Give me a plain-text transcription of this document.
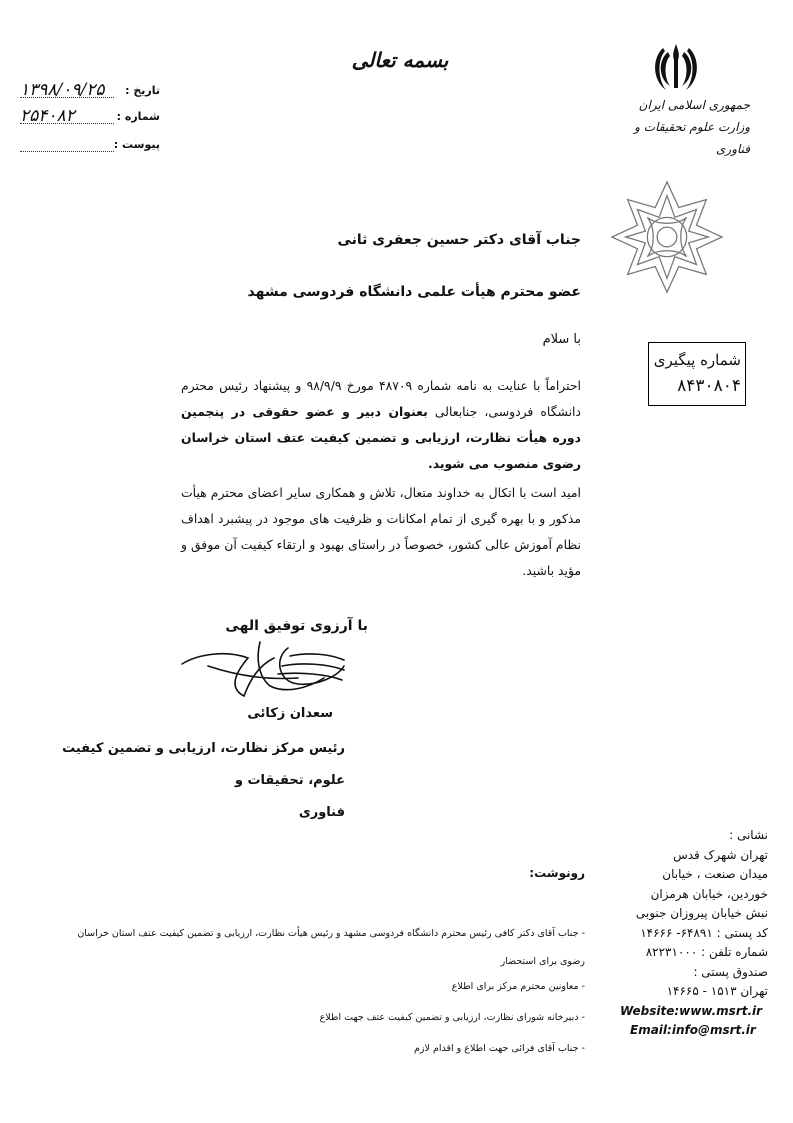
بسمه تعالی
جمهوری اسلامی ایران
وزارت علوم تحقیقات و فناوری
۱۳۹۸/۰۹/۲۵ تاریخ :
۲۵۴۰۸۲	شماره :
پیوست :
شماره پیگیری
۸۴۳۰۸۰۴
جناب آقای دکتر حسین جعفری ثانی
عضو محترم هیأت علمی دانشگاه فردوسی مشهد
با سلام
احتراماً با عنایت به نامه شماره ۴۸۷۰۹ مورخ ۹۸/۹/۹ و پیشنهاد رئیس محترم دانشگاه فردوسی، جنابعالی بعنوان دبیر و عضو حقوقی در پنجمین دوره هیأت نظارت، ارزیابی و تضمین کیفیت عتف استان خراسان رضوی منصوب می شوید.
امید است با اتکال به خداوند متعال، تلاش و همکاری سایر اعضای محترم هیأت مذکور و با بهره گیری از تمام امکانات و ظرفیت های موجود در پیشبرد اهداف نظام آموزش عالی کشور، خصوصاً در راستای بهبود و ارتقاء کیفیت آن موفق و مؤید باشید.
با آرزوی توفیق الهی
سعدان زکائی
رئیس مرکز نظارت، ارزیابی و تضمین کیفیت علوم، تحقیقات و
فناوری
نشانی :
تهران شهرک قدس
میدان صنعت ، خیابان
خوردین، خیابان هرمزان
نبش خیابان پیروزان جنوبی
کد پستی : ۶۴۸۹۱- ۱۴۶۶۶
شماره تلفن : ۸۲۲۳۱۰۰۰
صندوق پستی :
تهران ۱۵۱۳ - ۱۴۶۶۵
Website:www.msrt.ir
Email:info@msrt.ir
رونوشت:
- جناب آقای دکتر کافی رئیس محترم دانشگاه فردوسی مشهد و رئیس هیأت نظارت، ارزیابی و تضمین کیفیت عتف استان خراسان رضوی برای استحضار
- معاونین محترم مرکز برای اطلاع
- دبیرخانه شورای نظارت، ارزیابی و تضمین کیفیت عتف جهت اطلاع
- جناب آقای فرائی جهت اطلاع و اقدام لازم
